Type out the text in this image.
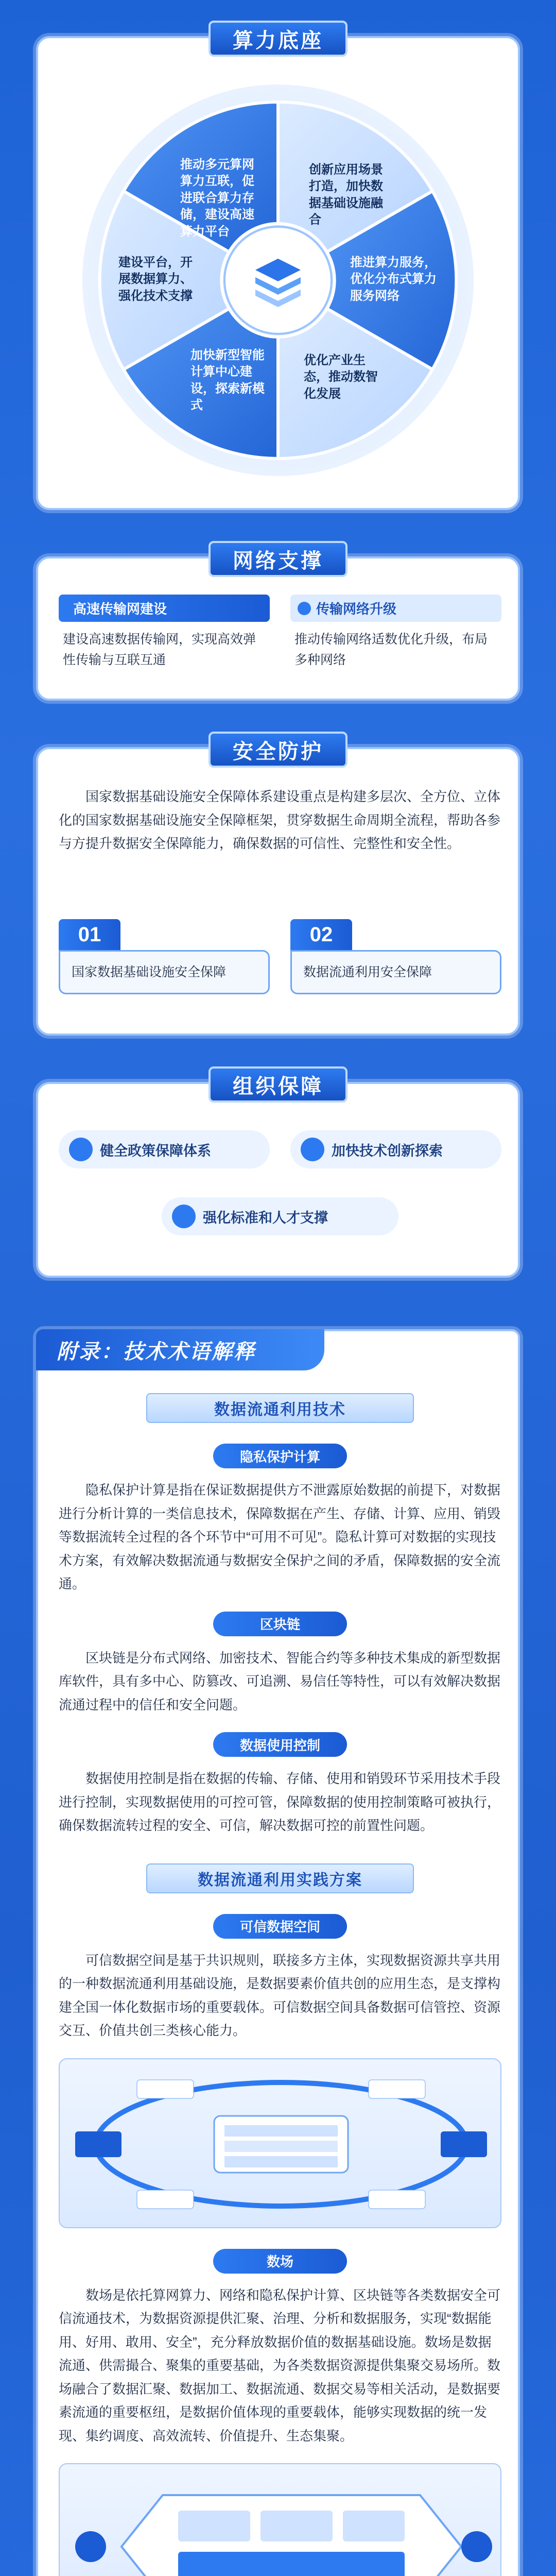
算力底座
推动多元算网算力互联，促进联合算力存储，建设高速算力平台
创新应用场景打造，加快数据基础设施融合
推进算力服务，优化分布式算力服务网络
优化产业生态，推动数智化发展
加快新型智能计算中心建设，探索新模式
建设平台，开展数据算力、强化技术支撑
网络支撑
高速传输网建设
建设高速数据传输网，实现高效弹性传输与互联互通
传输网络升级
推动传输网络适数优化升级，布局多种网络
安全防护
国家数据基础设施安全保障体系建设重点是构建多层次、全方位、立体化的国家数据基础设施安全保障框架，贯穿数据生命周期全流程，帮助各参与方提升数据安全保障能力，确保数据的可信性、完整性和安全性。
01
国家数据基础设施安全保障
02
数据流通利用安全保障
组织保障
健全政策保障体系	加快技术创新探索
强化标准和人才支撑
附录：技术术语解释
数据流通利用技术
隐私保护计算
隐私保护计算是指在保证数据提供方不泄露原始数据的前提下，对数据进行分析计算的一类信息技术，保障数据在产生、存储、计算、应用、销毁等数据流转全过程的各个环节中“可用不可见”。隐私计算可对数据的实现技术方案，有效解决数据流通与数据安全保护之间的矛盾，保障数据的安全流通。
区块链
区块链是分布式网络、加密技术、智能合约等多种技术集成的新型数据库软件，具有多中心、防篡改、可追溯、易信任等特性，可以有效解决数据流通过程中的信任和安全问题。
数据使用控制
数据使用控制是指在数据的传输、存储、使用和销毁环节采用技术手段进行控制，实现数据使用的可控可管，保障数据的使用控制策略可被执行，确保数据流转过程的安全、可信，解决数据可控的前置性问题。
数据流通利用实践方案
可信数据空间
可信数据空间是基于共识规则，联接多方主体，实现数据资源共享共用的一种数据流通利用基础设施，是数据要素价值共创的应用生态，是支撑构建全国一体化数据市场的重要载体。可信数据空间具备数据可信管控、资源交互、价值共创三类核心能力。
数场
数场是依托算网算力、网络和隐私保护计算、区块链等各类数据安全可信流通技术，为数据资源提供汇聚、治理、分析和数据服务，实现“数据能用、好用、敢用、安全”，充分释放数据价值的数据基础设施。数场是数据流通、供需撮合、聚集的重要基础，为各类数据资源提供集聚交易场所。数场融合了数据汇聚、数据加工、数据流通、数据交易等相关活动，是数据要素流通的重要枢纽，是数据价值体现的重要载体，能够实现数据的统一发现、集约调度、高效流转、价值提升、生态集聚。
